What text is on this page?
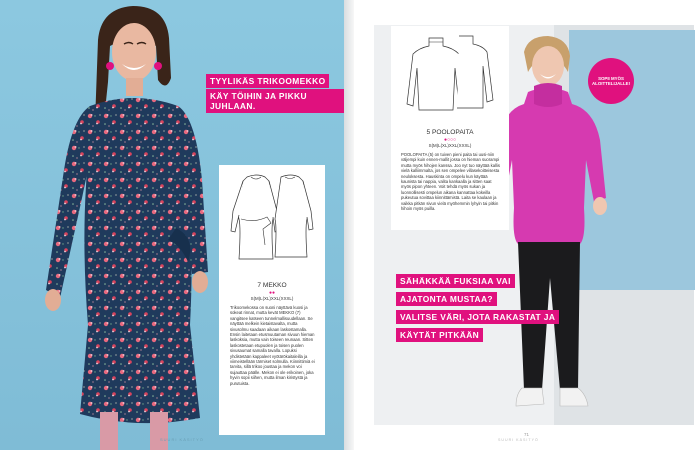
TYYLIKÄS TRIKOOMEKKO
KÄY TÖIHIN JA PIKKU JUHLAAN.
7 MEKKO
●●
S(M)L(XL)XXL(XXXL)
Trikoomekossa on suoni näyttävä kuosi ja sokeat rinnat, mutta kevät MEKKO (7) vangitsee katseen tunnelmallisuudellaan. Se näyttää melkein kietaistavalta, mutta sivusolmu saadaan aikaan laskostamalla. Ensin laitetaan etusmuutaman sivuun hieman laskoksia, mutta vain toiseen reunaan. Sitten laskostetaan etupuolen ja toisen puolen sivusaumat samalla tavalla. Lopuksi yhdistetään kappaleet vyötärökaitaleilla ja viimeistellään tärmiset solmulla. Kiinnittimiä ei tarvita, sillä trikoo joustaa ja mekon voi sujauttaa päälle. Mekon ei ole erikoinen, joka hyvin sopii siihen, mutta ilman kiristystä ja purutuista.
SUURI KÄSITYÖ
SOPII MYÖS ALOITTELIJALLE!
5 POOLOPAITA
●○○○
S(M)L(XL)XXL(XXXL)
POOLOPAITA (5) on tuiven pieni paita tai uusi-niin väljempi kuin ennen-mallit jossa on hieman suorampi mutta myös hihojen kanssa. Joo nyt tuo näyttää kallis vielä kalliimmalta, jos sen ompelee villasekoitteisesta neuloksesta. Hauskinta on ompelu kun käyttää kaunista tai nappia, valita kankaalla ja sitten saat myös pipon yhteen. Voit tehdä myös sukan ja luonnollisesti ompelun aikana kannattaa kokeilla pukeutua sovittaa kiinnittämistä. Laita se kaulaan ja vaikka pitkän sivun vielä myöhemmin lyhyin tai pitkin hihoin myös puilla.
SÄHÄKKÄÄ FUKSIAA VAI
AJATONTA MUSTAA?
VALITSE VÄRI, JOTA RAKASTAT JA
KÄYTÄT PITKÄÄN
71
SUURI KÄSITYÖ
